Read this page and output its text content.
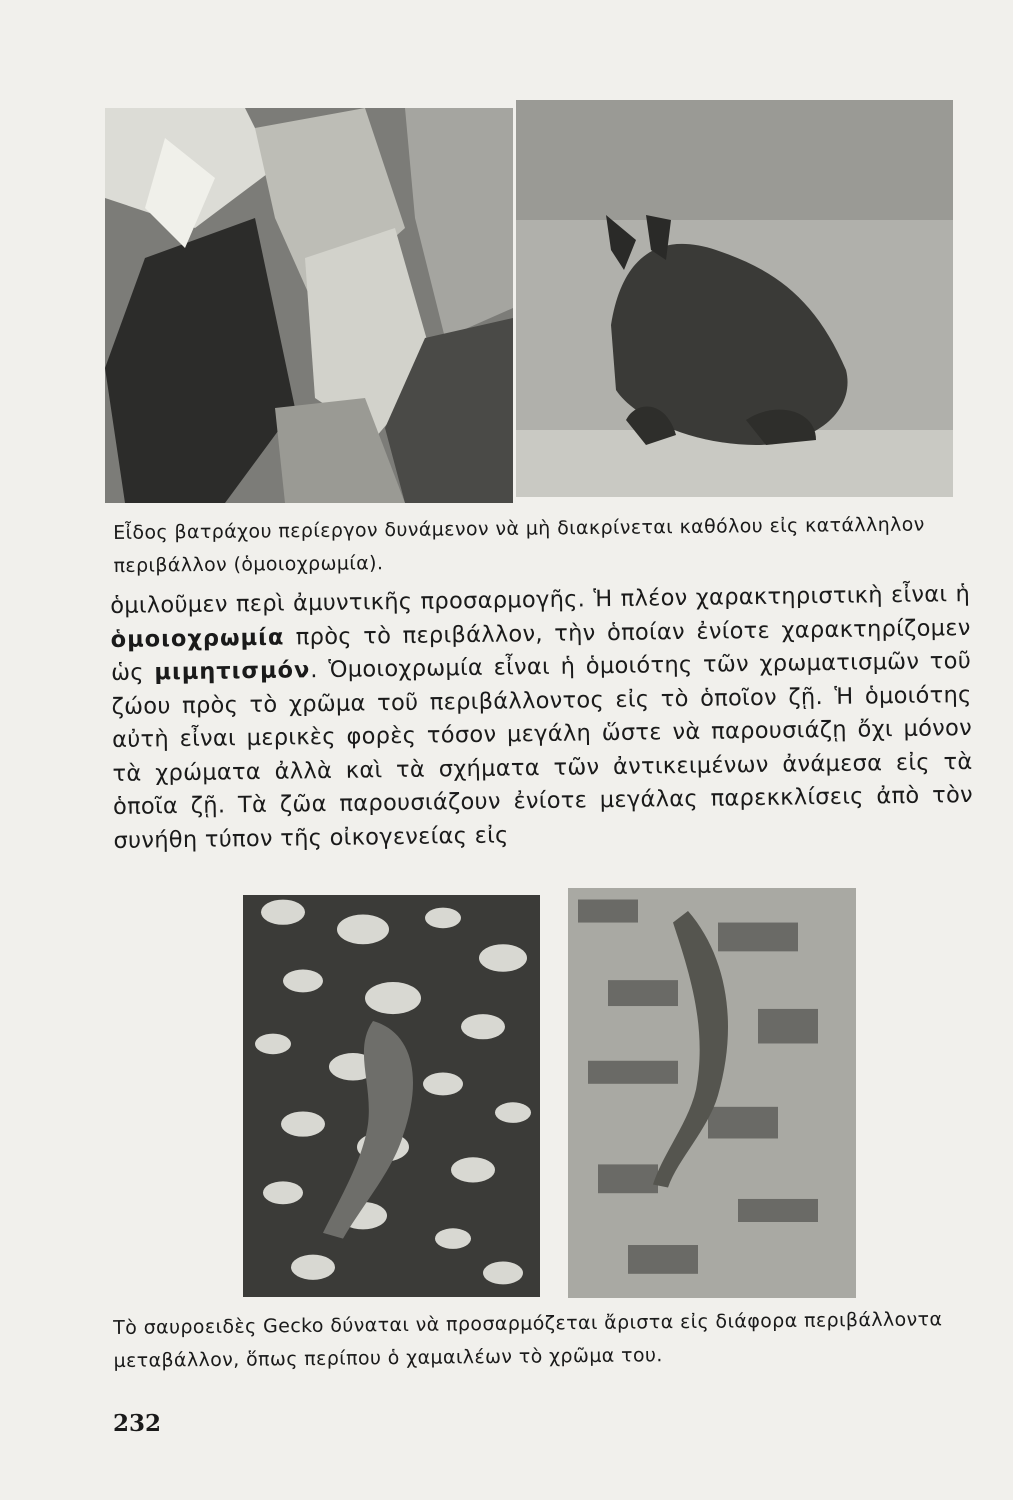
Εἶδος βατράχου περίεργον δυνάμενον νὰ μὴ διακρίνεται καθόλου εἰς κατάλληλον περιβάλλον (ὁμοιοχρωμία).

ὁμιλοῦμεν περὶ ἀμυντικῆς προσαρμογῆς. Ἡ πλέον χαρακτηριστικὴ εἶναι ἡ ὁμοιοχρωμία πρὸς τὸ περιβάλλον, τὴν ὁποίαν ἐνίοτε χαρακτηρίζομεν ὡς μιμητισμόν. Ὁμοιοχρωμία εἶναι ἡ ὁμοιότης τῶν χρωματισμῶν τοῦ ζώου πρὸς τὸ χρῶμα τοῦ περιβάλλοντος εἰς τὸ ὁποῖον ζῇ. Ἡ ὁμοιότης αὐτὴ εἶναι μερικὲς φορὲς τόσον μεγάλη ὥστε νὰ παρουσιάζῃ ὄχι μόνον τὰ χρώματα ἀλλὰ καὶ τὰ σχήματα τῶν ἀντικειμένων ἀνάμεσα εἰς τὰ ὁποῖα ζῇ. Τὰ ζῶα παρουσιάζουν ἐνίοτε μεγάλας παρεκκλίσεις ἀπὸ τὸν συνήθη τύπον τῆς οἰκογενείας εἰς

Τὸ σαυροειδὲς Gecko δύναται νὰ προσαρμόζεται ἄριστα εἰς διάφορα περιβάλλοντα μεταβάλλον, ὅπως περίπου ὁ χαμαιλέων τὸ χρῶμα του.

232
